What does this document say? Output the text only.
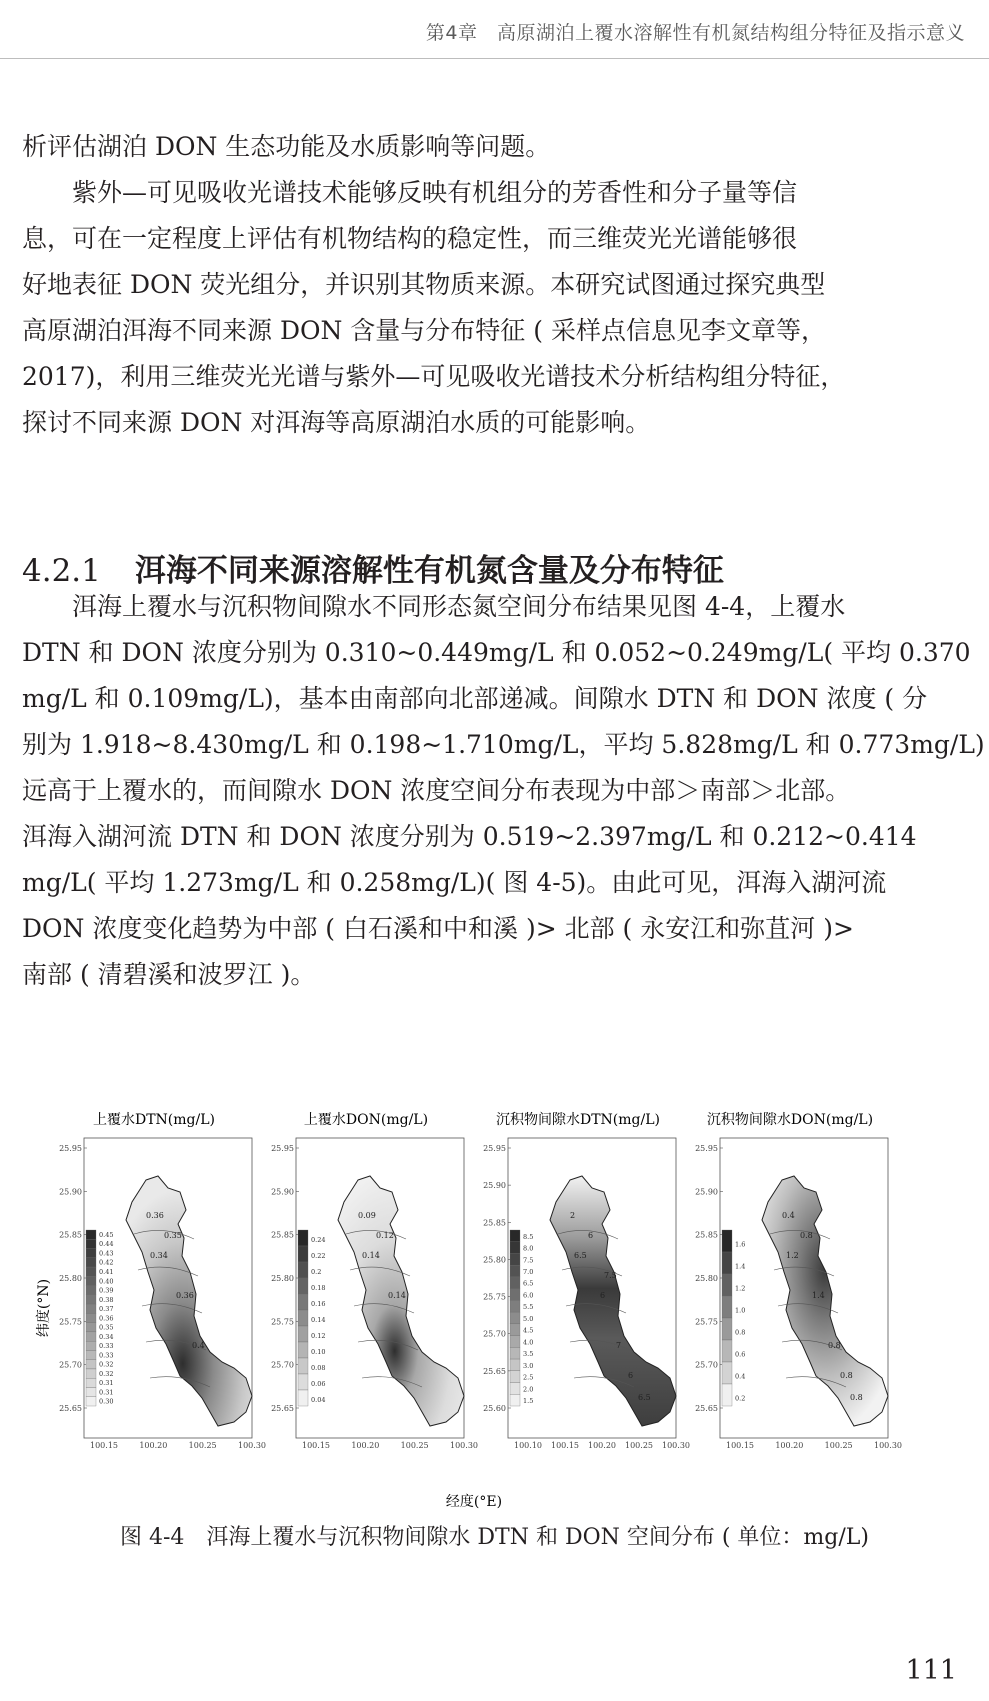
第4章　高原湖泊上覆水溶解性有机氮结构组分特征及指示意义

析评估湖泊 DON 生态功能及水质影响等问题。

　　紫外—可见吸收光谱技术能够反映有机组分的芳香性和分子量等信
息，可在一定程度上评估有机物结构的稳定性，而三维荧光光谱能够很
好地表征 DON 荧光组分，并识别其物质来源。本研究试图通过探究典型
高原湖泊洱海不同来源 DON 含量与分布特征 ( 采样点信息见李文章等，
2017)，利用三维荧光光谱与紫外—可见吸收光谱技术分析结构组分特征，
探讨不同来源 DON 对洱海等高原湖泊水质的可能影响。

4.2.1 洱海不同来源溶解性有机氮含量及分布特征

　　洱海上覆水与沉积物间隙水不同形态氮空间分布结果见图 4-4，上覆水
DTN 和 DON 浓度分别为 0.310~0.449mg/L 和 0.052~0.249mg/L( 平均 0.370
mg/L 和 0.109mg/L)，基本由南部向北部递减。间隙水 DTN 和 DON 浓度 ( 分
别为 1.918~8.430mg/L 和 0.198~1.710mg/L，平均 5.828mg/L 和 0.773mg/L)
远高于上覆水的，而间隙水 DON 浓度空间分布表现为中部＞南部＞北部。
洱海入湖河流 DTN 和 DON 浓度分别为 0.519~2.397mg/L 和 0.212~0.414
mg/L( 平均 1.273mg/L 和 0.258mg/L)( 图 4-5)。由此可见，洱海入湖河流
DON 浓度变化趋势为中部 ( 白石溪和中和溪 )> 北部 ( 永安江和弥苴河 )>
南部 ( 清碧溪和波罗江 )。

上覆水DTN(mg/L)
25.95
25.90
25.85
25.80
25.75
25.70
25.65
100.15	100.20	100.25	100.30
0.36
0.35
0.34
0.36
0.4
0.45
0.44
0.43
0.42
0.41
0.40
0.39
0.38
0.37
0.36
0.35
0.34
0.33
0.33
0.32
0.32
0.31
0.31
0.30
上覆水DON(mg/L)
25.95
25.90
25.85
25.80
25.75
25.70
25.65
100.15	100.20	100.25	100.30
0.09
0.12
0.14
0.14
0.24
0.22
0.2
0.18
0.16
0.14
0.12
0.10
0.08
0.06
0.04
沉积物间隙水DTN(mg/L)
25.95
25.90
25.85
25.80
25.75
25.70
25.65
25.60
100.10 100.15 100.20 100.25 100.30
2
6
6.5
6
7
6
6.5
7.5
8.5
8.0
7.5
7.0
6.5
6.0
5.5
5.0
4.5
4.0
3.5
3.0
2.5
2.0
1.5
沉积物间隙水DON(mg/L)
25.95
25.90
25.85
25.80
25.75
25.70
25.65
100.15	100.20	100.25	100.30
0.4
0.8
1.2
1.4
0.8
0.8
0.8
1.6
1.4
1.2
1.0
0.8
0.6
0.4
0.2
纬度(°N)
经度(°E)
图 4-4　洱海上覆水与沉积物间隙水 DTN 和 DON 空间分布 ( 单位：mg/L)
111
